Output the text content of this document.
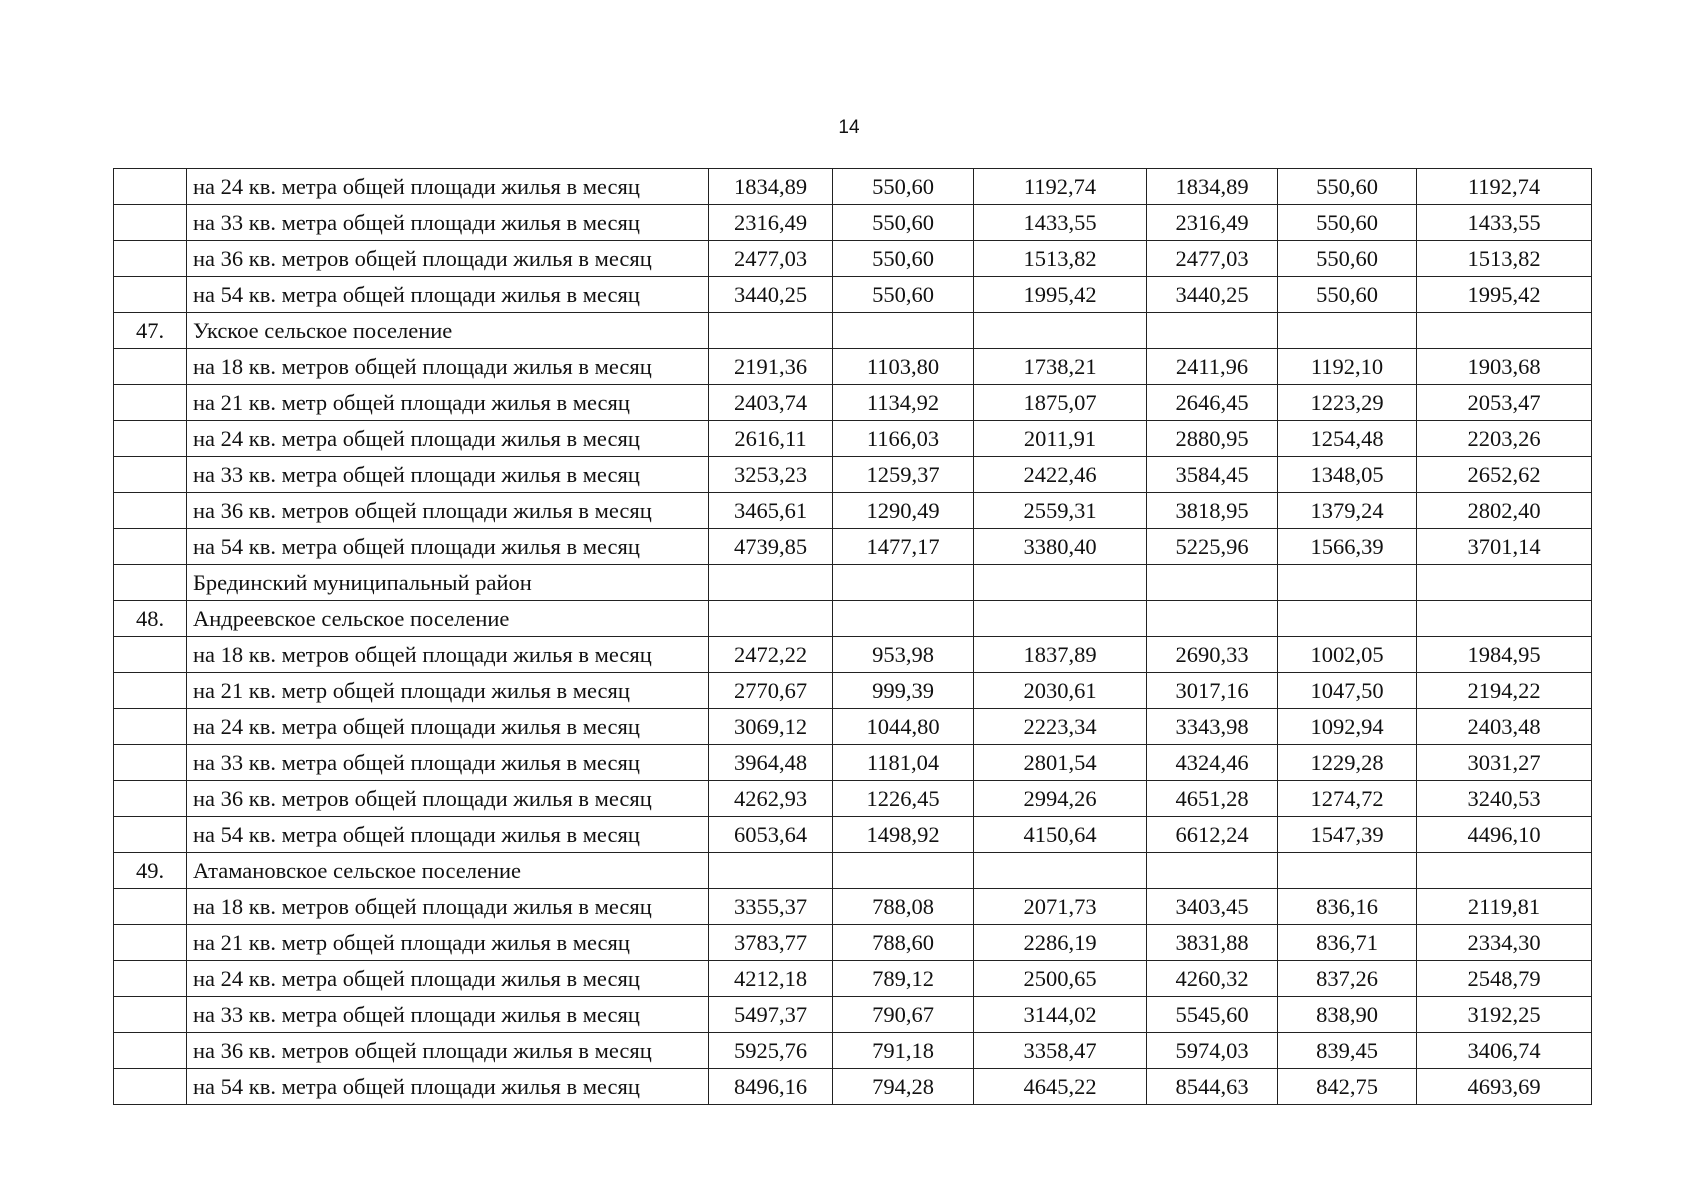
14
	на 24 кв. метра общей площади жилья в месяц	1834,89	550,60	1192,74	1834,89	550,60	1192,74
	на 33 кв. метра общей площади жилья в месяц	2316,49	550,60	1433,55	2316,49	550,60	1433,55
	на 36 кв. метров общей площади жилья в месяц	2477,03	550,60	1513,82	2477,03	550,60	1513,82
	на 54 кв. метра общей площади жилья в месяц	3440,25	550,60	1995,42	3440,25	550,60	1995,42
47.	Укское сельское поселение						
	на 18 кв. метров общей площади жилья в месяц	2191,36	1103,80	1738,21	2411,96	1192,10	1903,68
	на 21 кв. метр общей площади жилья в месяц	2403,74	1134,92	1875,07	2646,45	1223,29	2053,47
	на 24 кв. метра общей площади жилья в месяц	2616,11	1166,03	2011,91	2880,95	1254,48	2203,26
	на 33 кв. метра общей площади жилья в месяц	3253,23	1259,37	2422,46	3584,45	1348,05	2652,62
	на 36 кв. метров общей площади жилья в месяц	3465,61	1290,49	2559,31	3818,95	1379,24	2802,40
	на 54 кв. метра общей площади жилья в месяц	4739,85	1477,17	3380,40	5225,96	1566,39	3701,14
	Брединский муниципальный район						
48.	Андреевское сельское поселение						
	на 18 кв. метров общей площади жилья в месяц	2472,22	953,98	1837,89	2690,33	1002,05	1984,95
	на 21 кв. метр общей площади жилья в месяц	2770,67	999,39	2030,61	3017,16	1047,50	2194,22
	на 24 кв. метра общей площади жилья в месяц	3069,12	1044,80	2223,34	3343,98	1092,94	2403,48
	на 33 кв. метра общей площади жилья в месяц	3964,48	1181,04	2801,54	4324,46	1229,28	3031,27
	на 36 кв. метров общей площади жилья в месяц	4262,93	1226,45	2994,26	4651,28	1274,72	3240,53
	на 54 кв. метра общей площади жилья в месяц	6053,64	1498,92	4150,64	6612,24	1547,39	4496,10
49.	Атамановское сельское поселение						
	на 18 кв. метров общей площади жилья в месяц	3355,37	788,08	2071,73	3403,45	836,16	2119,81
	на 21 кв. метр общей площади жилья в месяц	3783,77	788,60	2286,19	3831,88	836,71	2334,30
	на 24 кв. метра общей площади жилья в месяц	4212,18	789,12	2500,65	4260,32	837,26	2548,79
	на 33 кв. метра общей площади жилья в месяц	5497,37	790,67	3144,02	5545,60	838,90	3192,25
	на 36 кв. метров общей площади жилья в месяц	5925,76	791,18	3358,47	5974,03	839,45	3406,74
	на 54 кв. метра общей площади жилья в месяц	8496,16	794,28	4645,22	8544,63	842,75	4693,69
